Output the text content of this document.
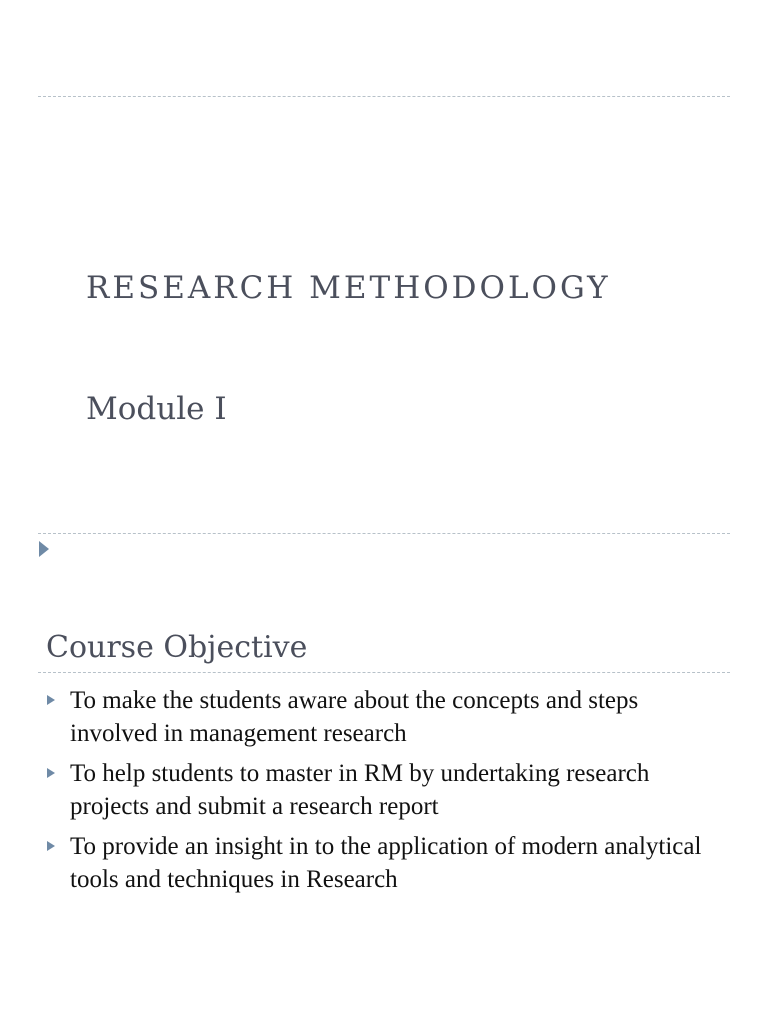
RESEARCH METHODOLOGY
Module I
Course Objective
To make the students aware about the concepts and steps involved in management research
To help students to master in RM by undertaking research projects and submit a research report
To provide an insight in to the application of modern analytical tools and techniques in Research
